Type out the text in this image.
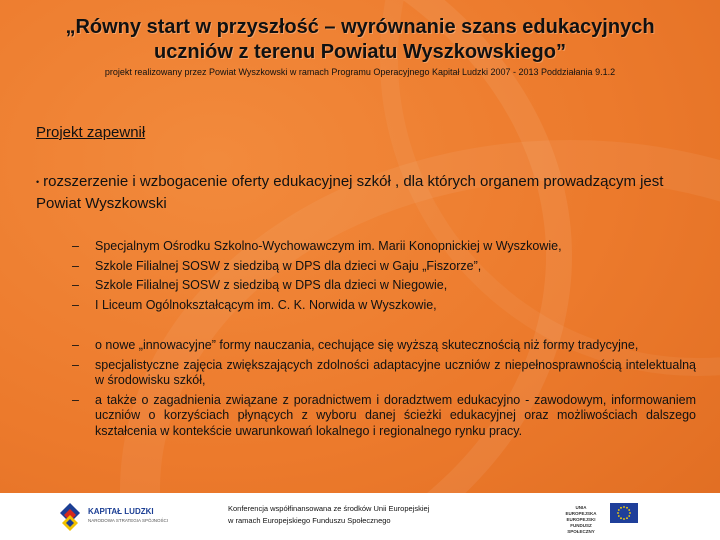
„Równy start w przyszłość – wyrównanie szans edukacyjnych
uczniów z terenu Powiatu Wyszkowskiego”
projekt realizowany przez Powiat Wyszkowski w ramach Programu Operacyjnego Kapitał Ludzki 2007 - 2013 Poddziałania 9.1.2
Projekt zapewnił
• rozszerzenie i wzbogacenie oferty edukacyjnej szkół , dla których organem prowadzącym jest Powiat Wyszkowski
– Specjalnym Ośrodku Szkolno-Wychowawczym im. Marii Konopnickiej w Wyszkowie,
– Szkole Filialnej SOSW z siedzibą w DPS dla dzieci w Gaju „Fiszorze”,
– Szkole Filialnej SOSW z siedzibą w DPS dla dzieci w Niegowie,
– I Liceum Ogólnokształcącym im. C. K. Norwida w Wyszkowie,
– o nowe „innowacyjne” formy nauczania, cechujące się wyższą skutecznością niż formy tradycyjne,
– specjalistyczne zajęcia zwiększających zdolności adaptacyjne uczniów z niepełnosprawnością intelektualną w środowisku szkół,
– a także o zagadnienia związane z poradnictwem i doradztwem edukacyjno - zawodowym, informowaniem uczniów o korzyściach płynących z wyboru danej ścieżki edukacyjnej oraz możliwościach dalszego kształcenia w kontekście uwarunkowań lokalnego i regionalnego rynku pracy.
KAPITAŁ LUDZKI
NARODOWA STRATEGIA SPÓJNOŚCI
Konferencja współfinansowana ze środków Unii Europejskiej
w ramach Europejskiego Funduszu Społecznego
UNIA EUROPEJSKA EUROPEJSKI FUNDUSZ SPOŁECZNY
